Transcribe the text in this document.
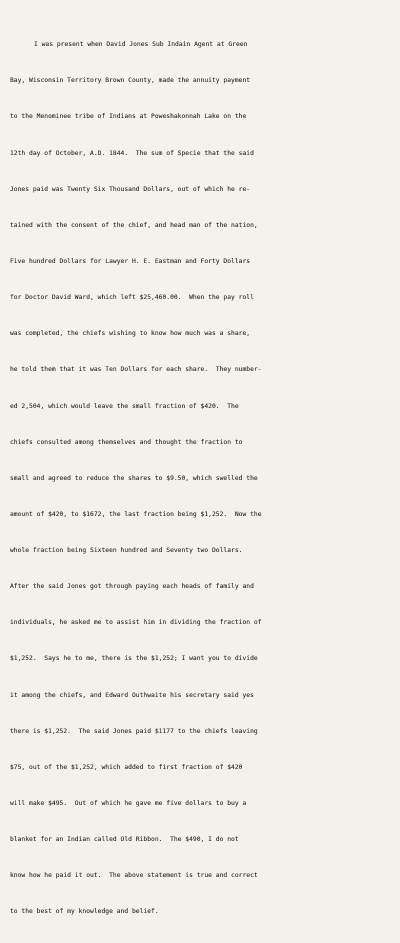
I was present when David Jones Sub Indain Agent at Green

Bay, Wisconsin Territory Brown County, made the annuity payment

to the Menominee tribe of Indians at Poweshakonnah Lake on the

12th day of October, A.D. 1844.  The sum of Specie that the said

Jones paid was Twenty Six Thousand Dollars, out of which he re-

tained with the consent of the chief, and head man of the nation,

Five hundred Dollars for Lawyer H. E. Eastman and Forty Dollars

for Doctor David Ward, which left $25,460.00.  When the pay roll

was completed, the chiefs wishing to know how much was a share,

he told them that it was Ten Dollars for each share.  They number-

ed 2,504, which would leave the small fraction of $420.  The

chiefs consulted among themselves and thought the fraction to

small and agreed to reduce the shares to $9.50, which swelled the

amount of $420, to $1672, the last fraction being $1,252.  Now the

whole fraction being Sixteen hundred and Seventy two Dollars.

After the said Jones got through paying each heads of family and

individuals, he asked me to assist him in dividing the fraction of

$1,252.  Says he to me, there is the $1,252; I want you to divide

it among the chiefs, and Edward Outhwaite his secretary said yes

there is $1,252.  The said Jones paid $1177 to the chiefs leaving

$75, out of the $1,252, which added to first fraction of $420

will make $495.  Out of which he gave me five dollars to buy a

blanket for an Indian called Old Ribbon.  The $490, I do not

know how he paid it out.  The above statement is true and correct

to the best of my knowledge and belief.
